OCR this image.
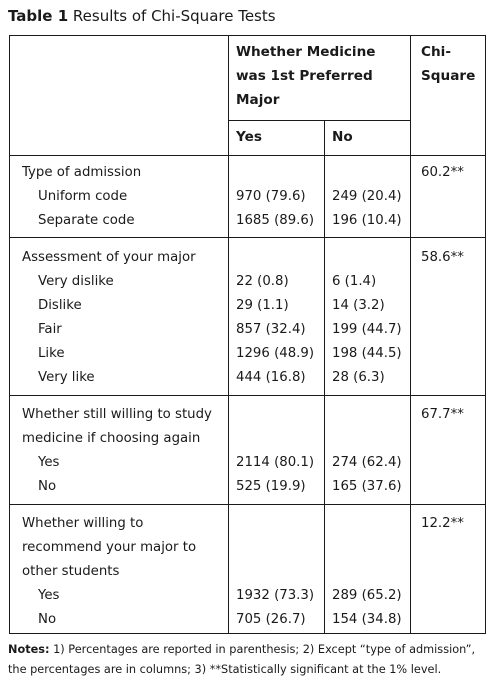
Table 1 Results of Chi-Square Tests
Whether Medicine
was 1st Preferred
Major
Yes	No
Chi-
Square
Type of admission	60.2**
Uniform code	970 (79.6) 249 (20.4)
Separate code	1685 (89.6) 196 (10.4)
Assessment of your major	58.6**
Very dislike	22 (0.8)	6 (1.4)
Dislike	29 (1.1)	14 (3.2)
Fair	857 (32.4) 199 (44.7)
Like	1296 (48.9) 198 (44.5)
Very like	444 (16.8) 28 (6.3)
Whether still willing to study
medicine if choosing again
67.7**
Yes	2114 (80.1) 274 (62.4)
No	525 (19.9) 165 (37.6)
Whether willing to
recommend your major to
other students
12.2**
Yes	1932 (73.3) 289 (65.2)
No	705 (26.7) 154 (34.8)
Notes: 1) Percentages are reported in parenthesis; 2) Except “type of admission”, the percentages are in columns; 3) **Statistically significant at the 1% level.
